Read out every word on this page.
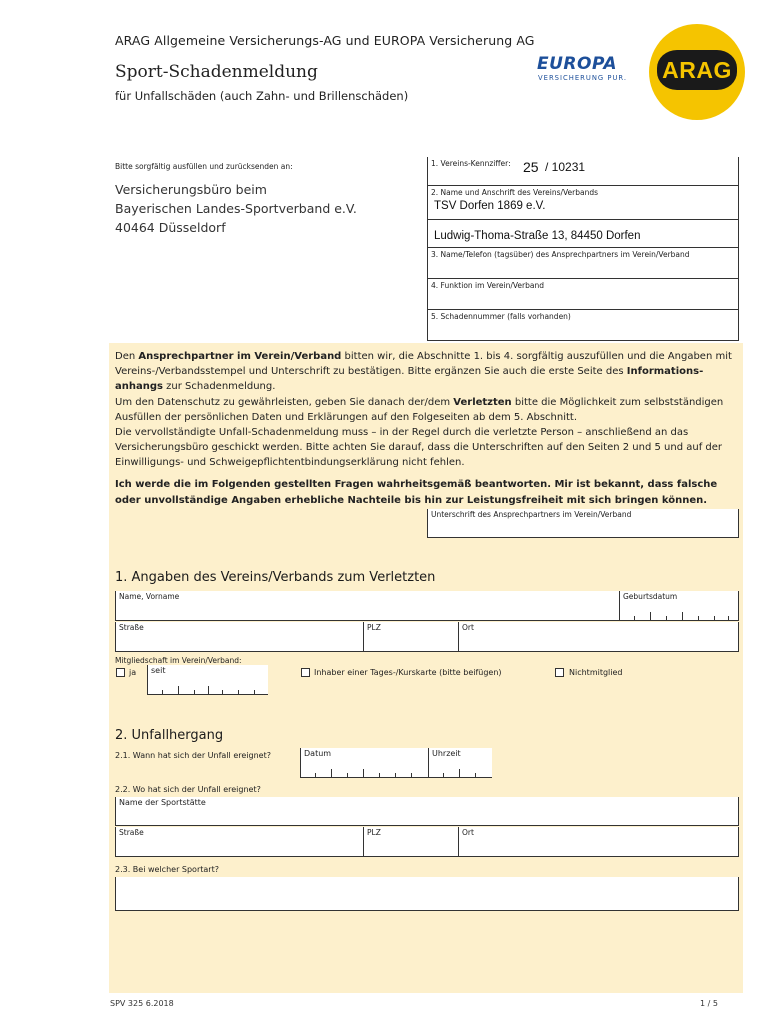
ARAG Allgemeine Versicherungs-AG und EUROPA Versicherung AG
Sport-Schadenmeldung
für Unfallschäden (auch Zahn- und Brillenschäden)
EUROPA
VERSICHERUNG PUR. ARAG
Bitte sorgfältig ausfüllen und zurücksenden an:
Versicherungsbüro beim
Bayerischen Landes-Sportverband e.V.
40464 Düsseldorf
1. Vereins-Kennziffer: 25 / 10231
2. Name und Anschrift des Vereins/Verbands
TSV Dorfen 1869 e.V.
Ludwig-Thoma-Straße 13, 84450 Dorfen
3. Name/Telefon (tagsüber) des Ansprechpartners im Verein/Verband
4. Funktion im Verein/Verband
5. Schadennummer (falls vorhanden)
Den Ansprechpartner im Verein/Verband bitten wir, die Abschnitte 1. bis 4. sorgfältig auszufüllen und die Angaben mit Vereins-/Verbandsstempel und Unterschrift zu bestätigen. Bitte ergänzen Sie auch die erste Seite des Informations-anhangs zur Schadenmeldung.
Um den Datenschutz zu gewährleisten, geben Sie danach der/dem Verletzten bitte die Möglichkeit zum selbstständigen Ausfüllen der persönlichen Daten und Erklärungen auf den Folgeseiten ab dem 5. Abschnitt.
Die vervollständigte Unfall-Schadenmeldung muss – in der Regel durch die verletzte Person – anschließend an das Versicherungsbüro geschickt werden. Bitte achten Sie darauf, dass die Unterschriften auf den Seiten 2 und 5 und auf der Einwilligungs- und Schweigepflichtentbindungserklärung nicht fehlen.
Ich werde die im Folgenden gestellten Fragen wahrheitsgemäß beantworten. Mir ist bekannt, dass falsche oder unvollständige Angaben erhebliche Nachteile bis hin zur Leistungsfreiheit mit sich bringen können.
Unterschrift des Ansprechpartners im Verein/Verband
1. Angaben des Vereins/Verbands zum Verletzten
Name, Vorname	Geburtsdatum
Straße	PLZ	Ort
Mitgliedschaft im Verein/Verband:
ja seit	Inhaber einer Tages-/Kurskarte (bitte beifügen)	Nichtmitglied
2. Unfallhergang
2.1. Wann hat sich der Unfall ereignet?	Datum	Uhrzeit
2.2. Wo hat sich der Unfall ereignet?
Name der Sportstätte
Straße	PLZ	Ort
2.3. Bei welcher Sportart?
SPV 325 6.2018	1 / 5
